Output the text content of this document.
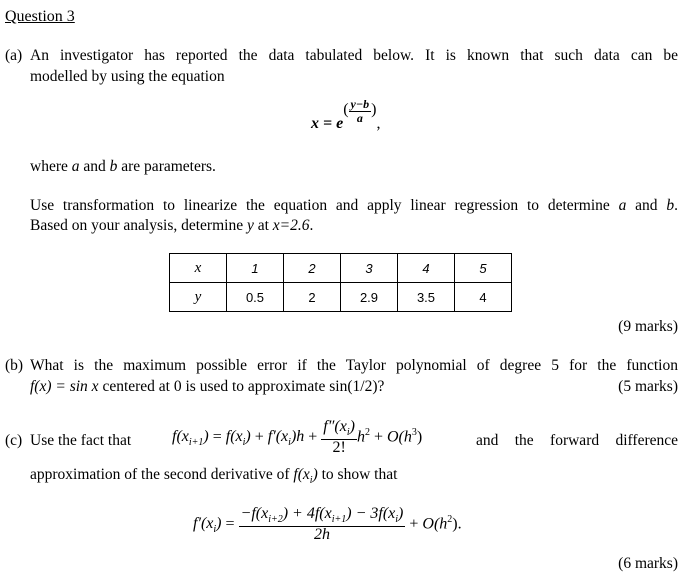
Question 3
(a) An investigator has reported the data tabulated below. It is known that such data can be
modelled by using the equation
$x = e( \frac{y-b}{a}$ ),
where a and b are parameters.
Use transformation to linearize the equation and apply linear regression to determine a and b.
Based on your analysis, determine y at x=2.6.
x	1	2	3	4	5
y	0.5	2	2.9	3.5	4
(9 marks)
(b) What is the maximum possible error if the Taylor polynomial of degree 5 for the function
f(x) = sin x centered at 0 is used to approximate sin(1/2)?	(5 marks)
(c) Use the fact that	$f(x_{i+1}) = f(x_i) + f'(x_i)h + \frac{f''(x_i)}{2!} h^2 + O(h^3)$	and the forward difference
approximation of the second derivative of $f(x_i)$ to show that
$f'(x_i) = \frac{-f(x_{i+2}) + 4f(x_{i+1}) - 3f(x_i)}{2h} + O(h^2)$.
(6 marks)
